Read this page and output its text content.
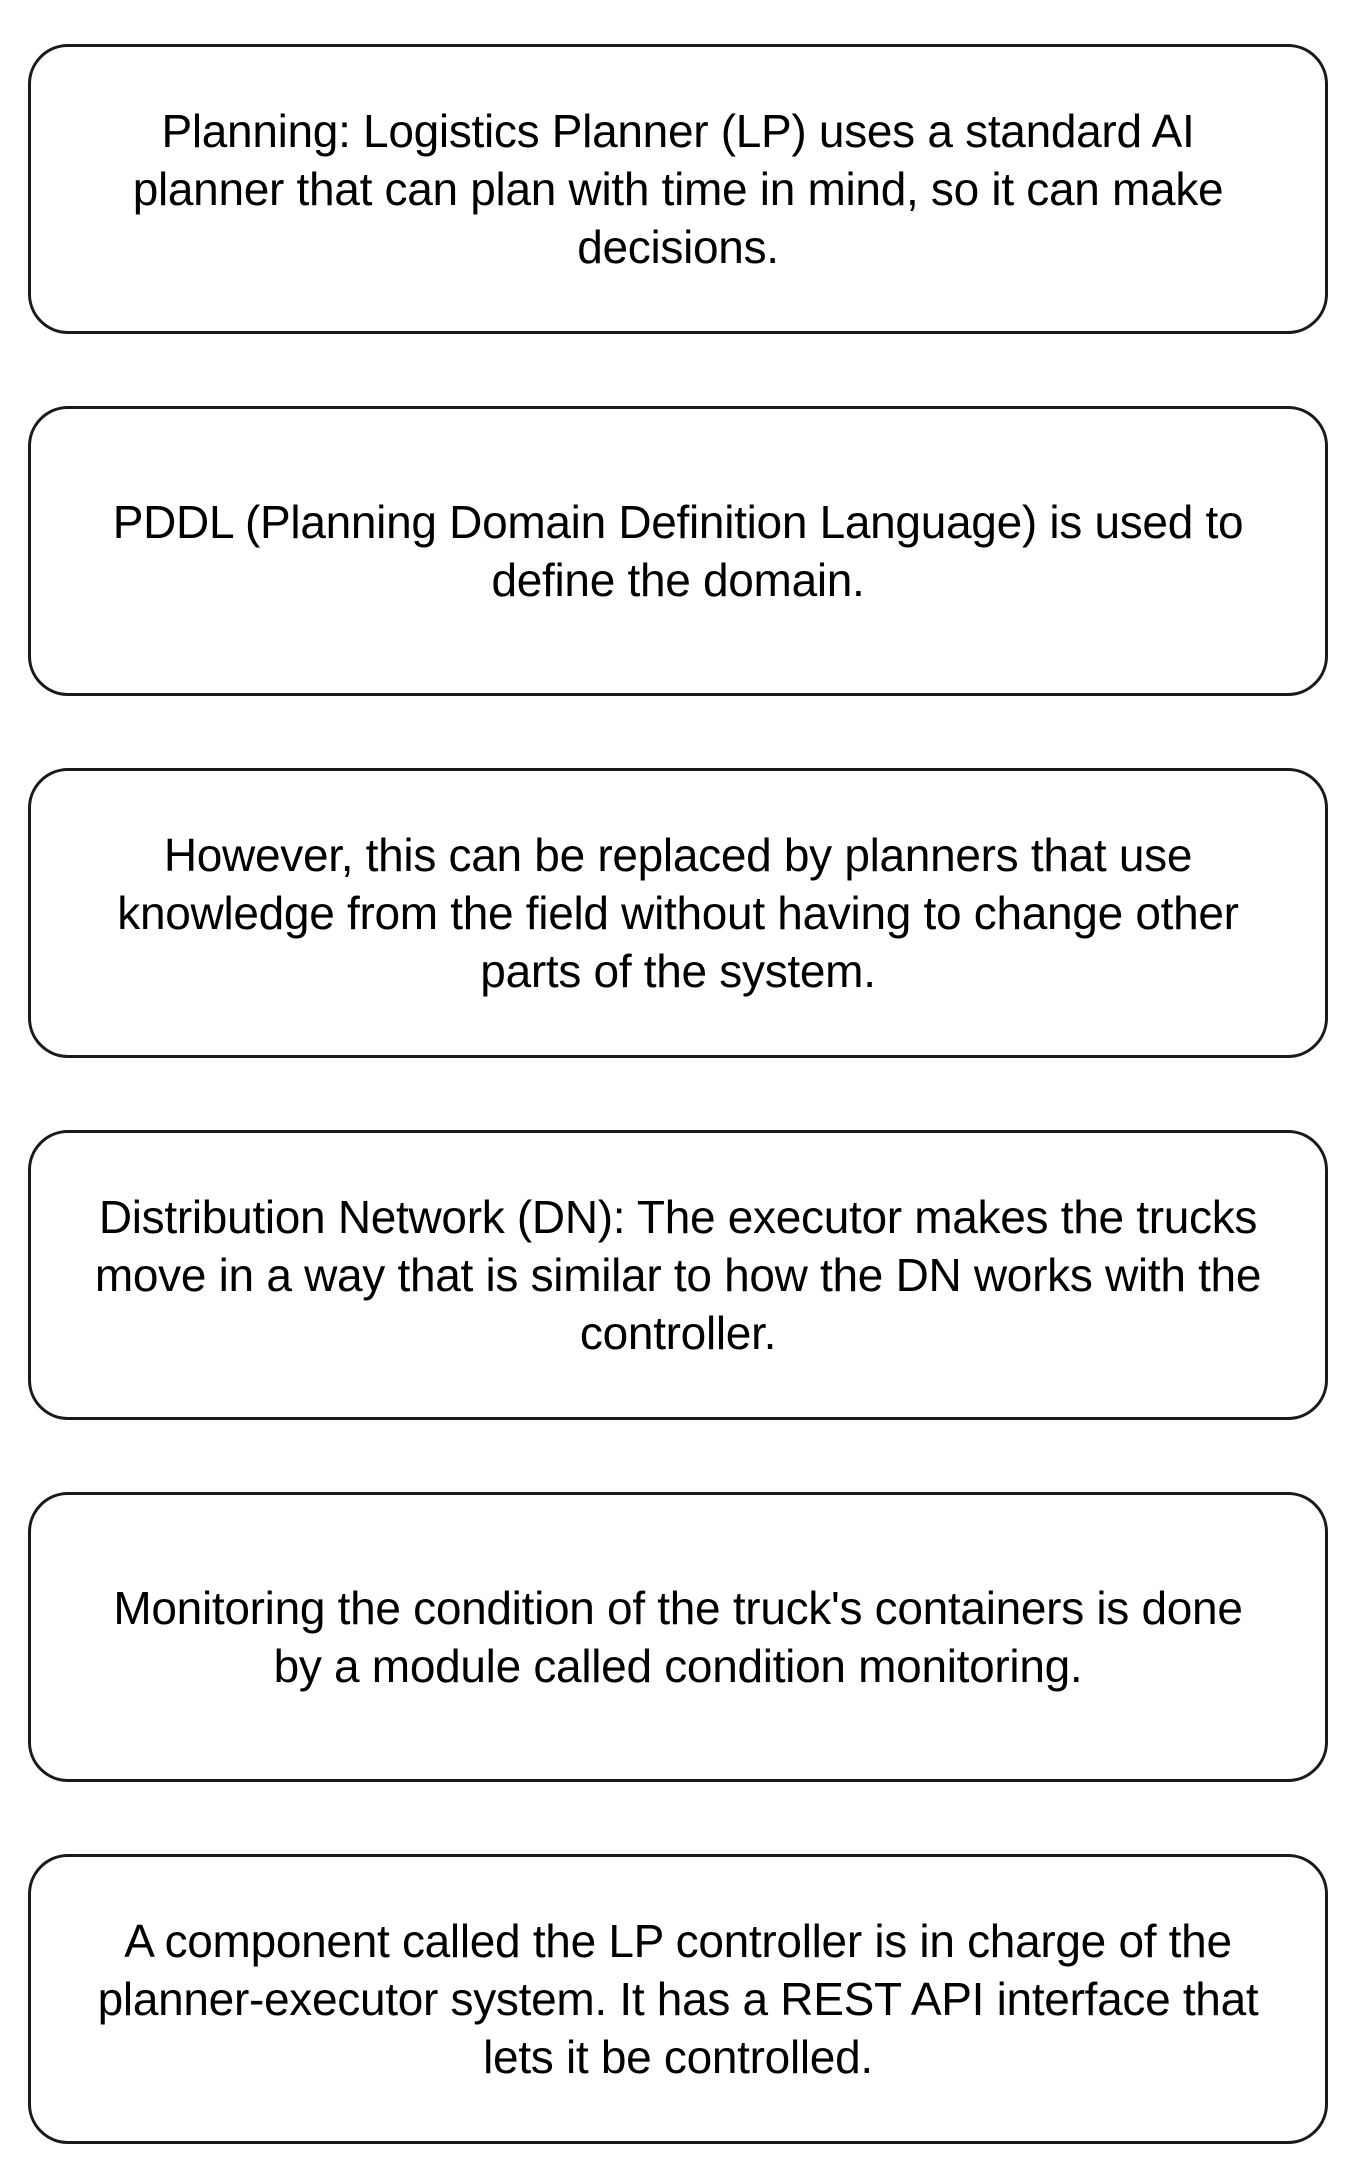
Planning: Logistics Planner (LP) uses a standard AI planner that can plan with time in mind, so it can make decisions.
PDDL (Planning Domain Definition Language) is used to define the domain.
However, this can be replaced by planners that use knowledge from the field without having to change other parts of the system.
Distribution Network (DN): The executor makes the trucks move in a way that is similar to how the DN works with the controller.
Monitoring the condition of the truck's containers is done by a module called condition monitoring.
A component called the LP controller is in charge of the planner-executor system. It has a REST API interface that lets it be controlled.
